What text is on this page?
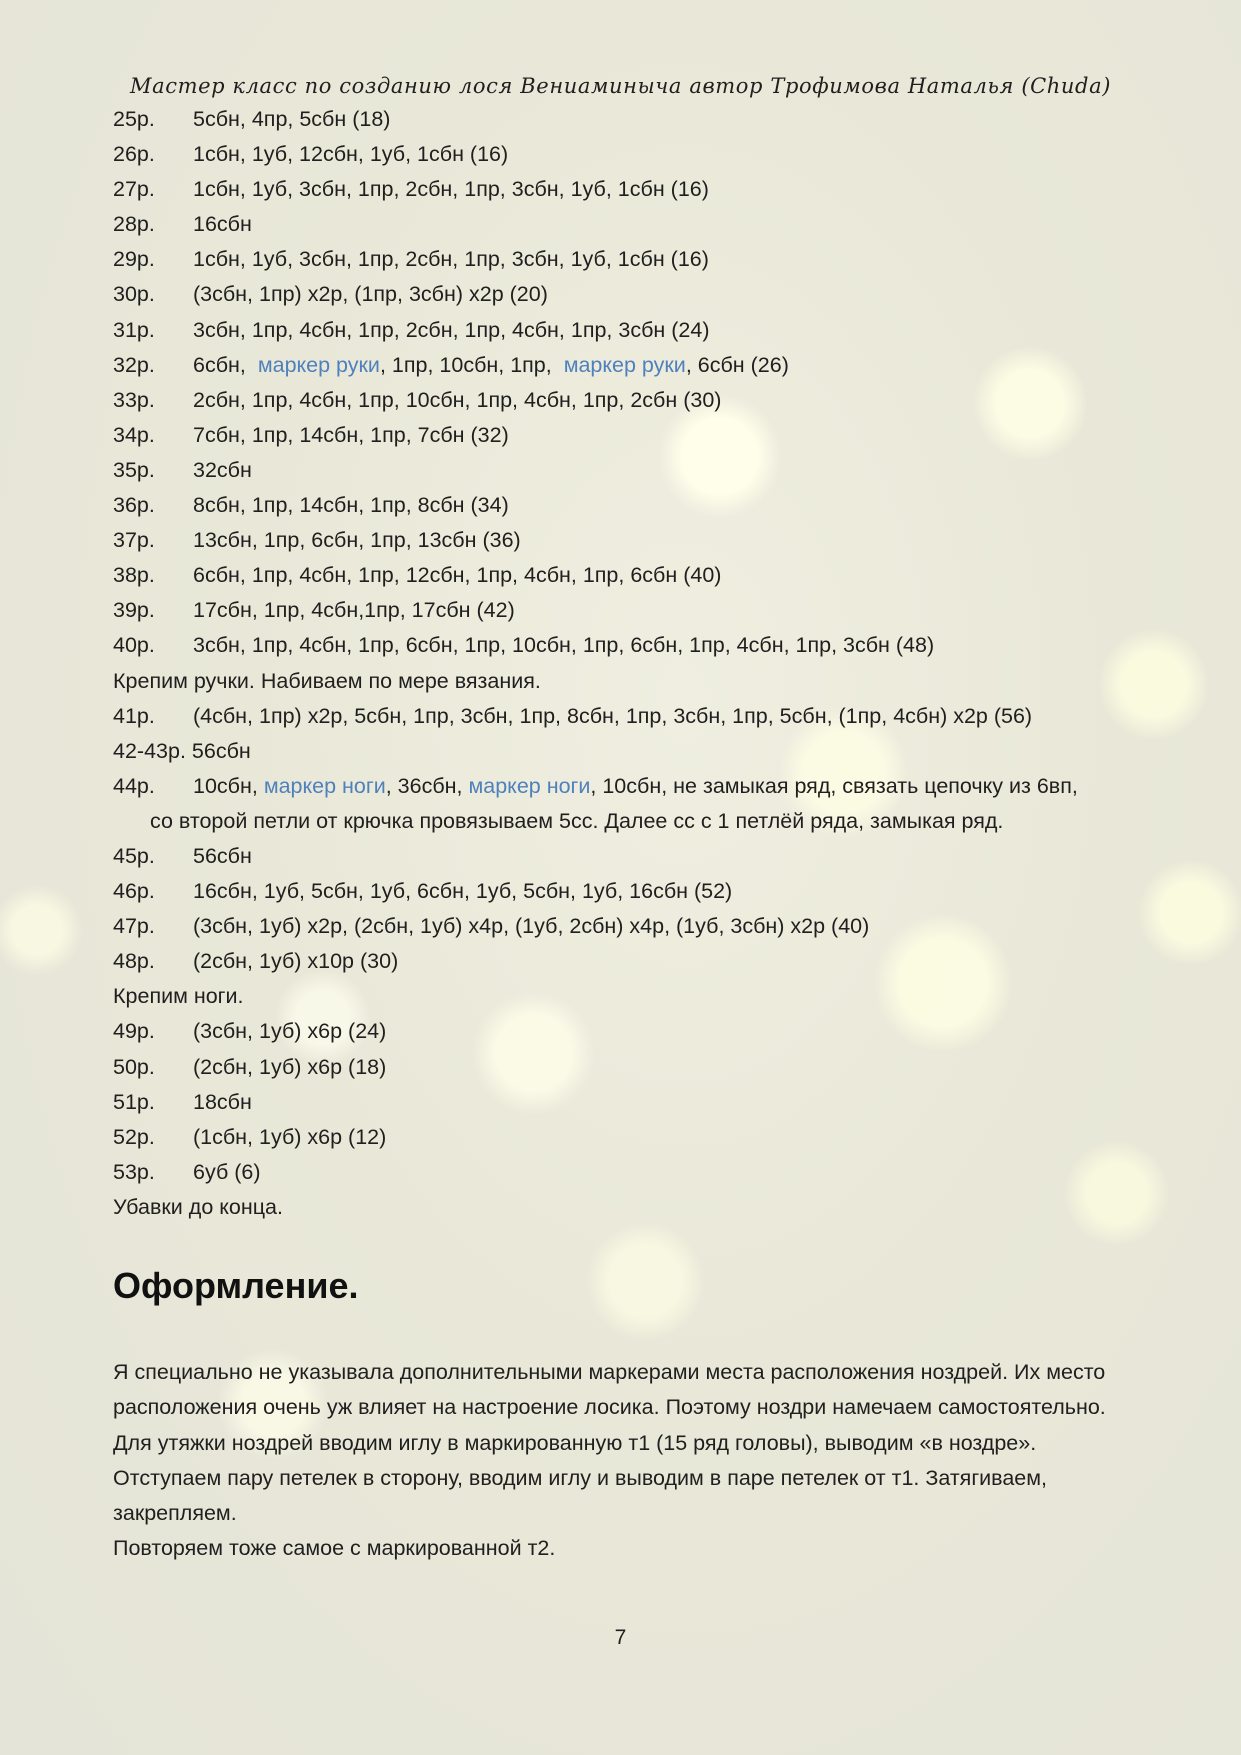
Мастер класс по созданию лося Вениаминыча автор Трофимова Наталья (Chuda)
25р.	5сбн, 4пр, 5сбн (18)
26р.	1сбн, 1уб, 12сбн, 1уб, 1сбн (16)
27р.	1сбн, 1уб, 3сбн, 1пр, 2сбн, 1пр, 3сбн, 1уб, 1сбн (16)
28р.	16сбн
29р.	1сбн, 1уб, 3сбн, 1пр, 2сбн, 1пр, 3сбн, 1уб, 1сбн (16)
30р.	(3сбн, 1пр) х2р, (1пр, 3сбн) х2р (20)
31р.	3сбн, 1пр, 4сбн, 1пр, 2сбн, 1пр, 4сбн, 1пр, 3сбн (24)
32р.	6сбн,  маркер руки, 1пр, 10сбн, 1пр,  маркер руки, 6сбн (26)
33р.	2сбн, 1пр, 4сбн, 1пр, 10сбн, 1пр, 4сбн, 1пр, 2сбн (30)
34р.	7сбн, 1пр, 14сбн, 1пр, 7сбн (32)
35р.	32сбн
36р.	8сбн, 1пр, 14сбн, 1пр, 8сбн (34)
37р.	13сбн, 1пр, 6сбн, 1пр, 13сбн (36)
38р.	6сбн, 1пр, 4сбн, 1пр, 12сбн, 1пр, 4сбн, 1пр, 6сбн (40)
39р.	17сбн, 1пр, 4сбн,1пр, 17сбн (42)
40р.	3сбн, 1пр, 4сбн, 1пр, 6сбн, 1пр, 10сбн, 1пр, 6сбн, 1пр, 4сбн, 1пр, 3сбн (48)
Крепим ручки. Набиваем по мере вязания.
41р.	(4сбн, 1пр) х2р, 5сбн, 1пр, 3сбн, 1пр, 8сбн, 1пр, 3сбн, 1пр, 5сбн, (1пр, 4сбн) х2р (56)
42-43р. 56сбн
44р.	10сбн, маркер ноги, 36сбн, маркер ноги, 10сбн, не замыкая ряд, связать цепочку из 6вп,
со второй петли от крючка провязываем 5сс. Далее сс с 1 петлёй ряда, замыкая ряд.
45р.	56сбн
46р.	16сбн, 1уб, 5сбн, 1уб, 6сбн, 1уб, 5сбн, 1уб, 16сбн (52)
47р.	(3сбн, 1уб) х2р, (2сбн, 1уб) х4р, (1уб, 2сбн) х4р, (1уб, 3сбн) х2р (40)
48р.	(2сбн, 1уб) х10р (30)
Крепим ноги.
49р.	(3сбн, 1уб) х6р (24)
50р.	(2сбн, 1уб) х6р (18)
51р.	18сбн
52р.	(1сбн, 1уб) х6р (12)
53р.	6уб (6)
Убавки до конца.
Оформление.

Я специально не указывала дополнительными маркерами места расположения ноздрей. Их место расположения очень уж влияет на настроение лосика. Поэтому ноздри намечаем самостоятельно.

Для утяжки ноздрей вводим иглу в маркированную т1 (15 ряд головы), выводим «в ноздре».

Отступаем пару петелек в сторону, вводим иглу и выводим в паре петелек от т1. Затягиваем, закрепляем.

Повторяем тоже самое с маркированной т2.

7
